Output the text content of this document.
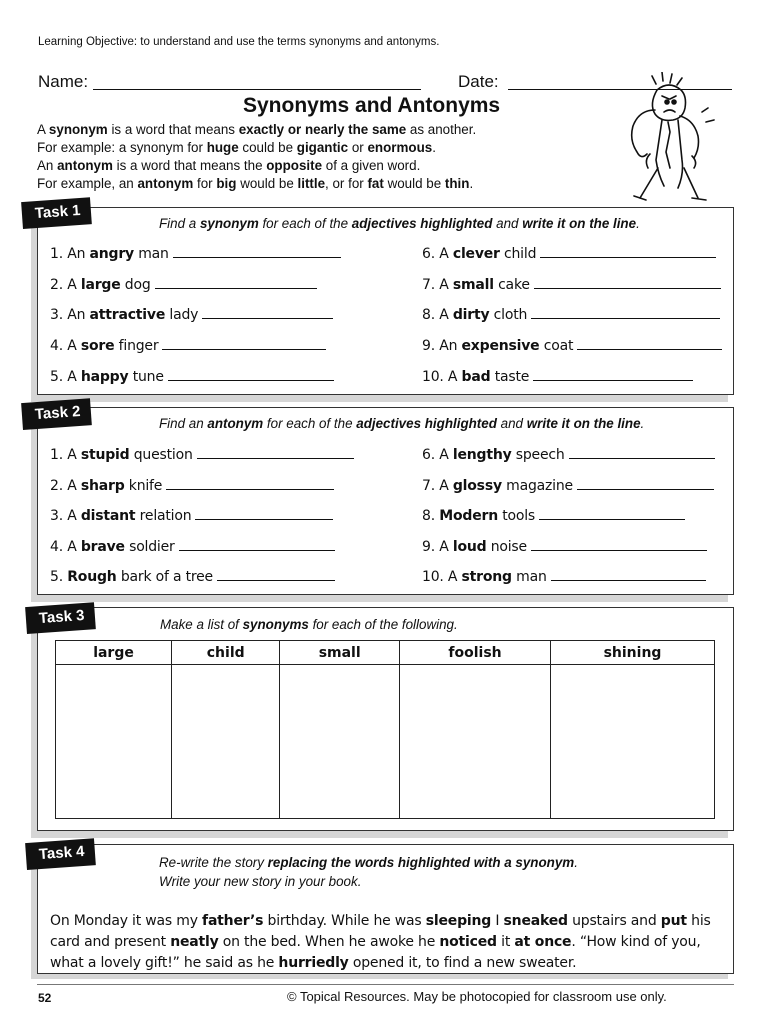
Learning Objective: to understand and use the terms synonyms and antonyms.
Name:	Date:
Synonyms and Antonyms

A synonym is a word that means exactly or nearly the same as another.

For example: a synonym for huge could be gigantic or enormous.

An antonym is a word that means the opposite of a given word.

For example, an antonym for big would be little, or for fat would be thin.

Task 1
Find a synonym for each of the adjectives highlighted and write it on the line.
Task 2
Find an antonym for each of the adjectives highlighted and write it on the line.
Task 3	Make a list of synonyms for each of the following.
large	child	small	foolish	shining

Task 4	Re-write the story replacing the words highlighted with a synonym.
Write your new story in your book.
On Monday it was my father’s birthday. While he was sleeping I sneaked upstairs and put his card and present neatly on the bed. When he awoke he noticed it at once. “How kind of you, what a lovely gift!” he said as he hurriedly opened it, to find a new sweater.
52	© Topical Resources. May be photocopied for classroom use only.
1. An angry man
2. A large dog
3. An attractive lady
4. A sore finger
5. A happy tune
6. A clever child
7. A small cake
8. A dirty cloth
9. An expensive coat
10. A bad taste
1. A stupid question
2. A sharp knife
3. A distant relation
4. A brave soldier
5. Rough bark of a tree
6. A lengthy speech
7. A glossy magazine
8. Modern tools
9. A loud noise
10. A strong man
